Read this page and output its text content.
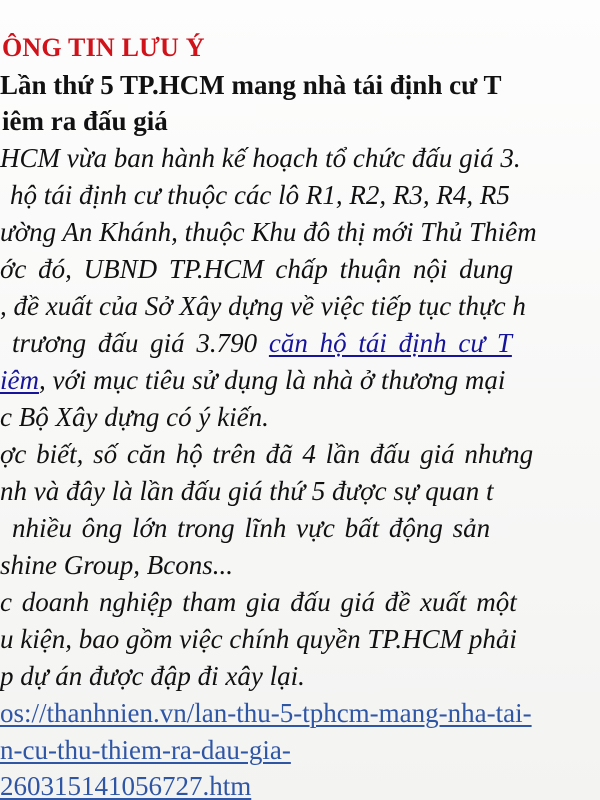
ÔNG TIN LƯU Ý
Lần thứ 5 TP.HCM mang nhà tái định cư T
iêm ra đấu giá
HCM vừa ban hành kế hoạch tổ chức đấu giá 3.
hộ tái định cư thuộc các lô R1, R2, R3, R4, R5
ường An Khánh, thuộc Khu đô thị mới Thủ Thiêm
ớc đó, UBND TP.HCM chấp thuận nội dung
, đề xuất của Sở Xây dựng về việc tiếp tục thực h
trương đấu giá 3.790 căn hộ tái định cư T
iêm, với mục tiêu sử dụng là nhà ở thương mại
c Bộ Xây dựng có ý kiến.
ợc biết, số căn hộ trên đã 4 lần đấu giá nhưng
nh và đây là lần đấu giá thứ 5 được sự quan t
nhiều ông lớn trong lĩnh vực bất động sản
shine Group, Bcons...
c doanh nghiệp tham gia đấu giá đề xuất một
u kiện, bao gồm việc chính quyền TP.HCM phải
p dự án được đập đi xây lại.
os://thanhnien.vn/lan-thu-5-tphcm-mang-nha-tai-
n-cu-thu-thiem-ra-dau-gia-
260315141056727.htm
